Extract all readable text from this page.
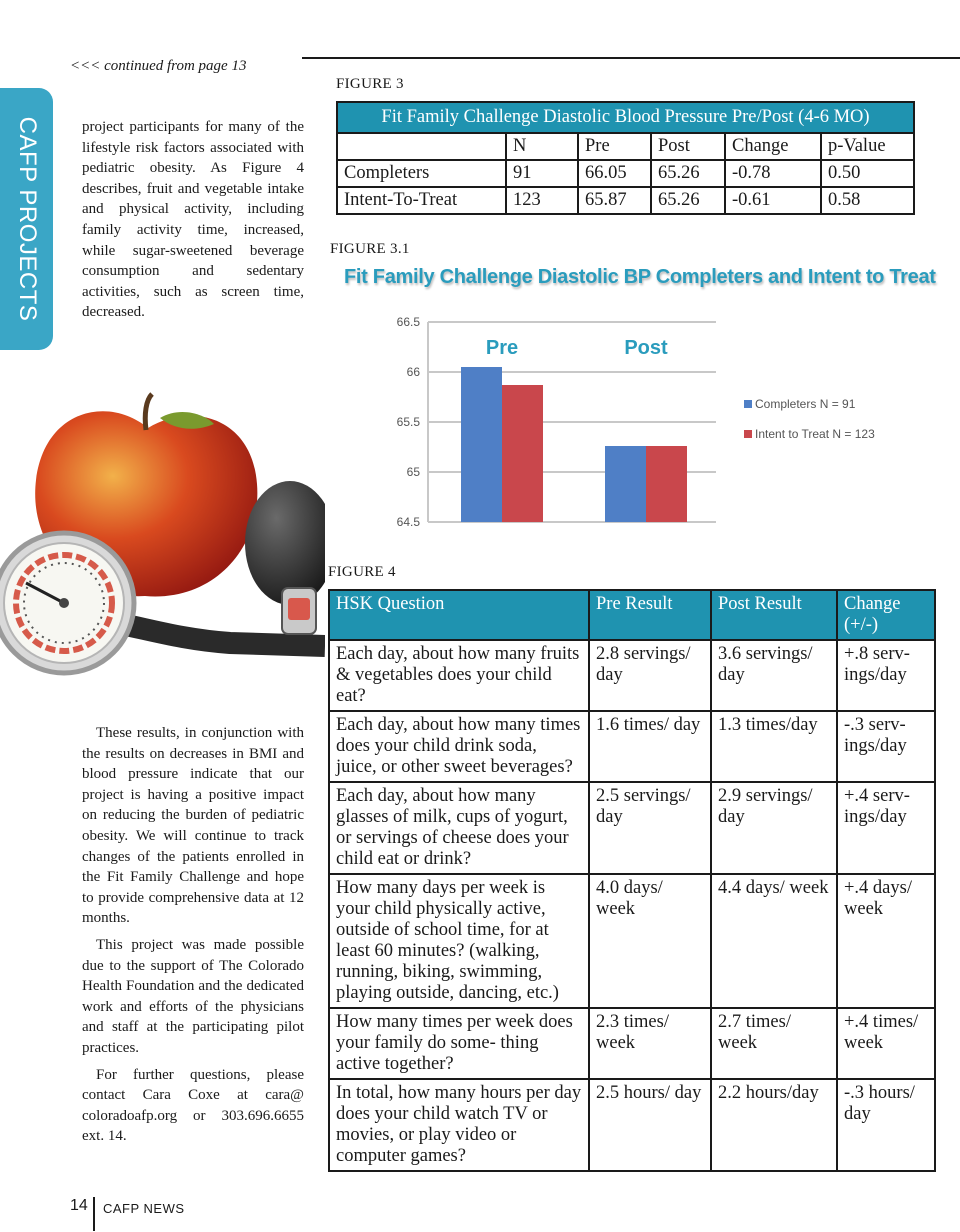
<<< continued from page 13
CAFP PROJECTS	project participants for many of the lifestyle risk factors associated with pediatric obesity. As Figure 4 describes, fruit and vegetable intake and physical activity, including family activity time, increased, while sugar-sweetened beverage consumption and sedentary activities, such as screen time, decreased.

These results, in conjunction with the results on decreases in BMI and blood pressure indicate that our project is having a positive impact on reducing the burden of pediatric obesity. We will continue to track changes of the patients enrolled in the Fit Family Challenge and hope to provide comprehensive data at 12 months.

This project was made possible due to the support of The Colorado Health Foundation and the dedicated work and efforts of the physicians and staff at the participating pilot practices.

For further questions, please contact Cara Coxe at cara@ coloradoafp.org or 303.696.6655 ext. 14.

FIGURE 3
Fit Family Challenge Diastolic Blood Pressure Pre/Post (4-6 MO)					
	N	Pre	Post	Change	p-Value
Completers	91	66.05	65.26	-0.78	0.50
Intent-To-Treat	123	65.87	65.26	-0.61	0.58
FIGURE 3.1
Fit Family Challenge Diastolic BP Completers and Intent to Treat
66.5
66
65.5
65
64.5
Pre	Post
Completers N = 91
Intent to Treat N = 123
FIGURE 4
HSK Question	Pre Result	Post Result	Change (+/-)
Each day, about how many fruits & vegetables does your child eat?	2.8 servings/ day	3.6 servings/ day	+.8 serv- ings/day
Each day, about how many times does your child drink soda, juice, or other sweet beverages?	1.6 times/ day	1.3 times/day	-.3 serv- ings/day
Each day, about how many glasses of milk, cups of yogurt, or servings of cheese does your child eat or drink?	2.5 servings/ day	2.9 servings/ day	+.4 serv- ings/day
How many days per week is your child physically active, outside of school time, for at least 60 minutes? (walking, running, biking, swimming, playing outside, dancing, etc.)	4.0 days/ week	4.4 days/ week	+.4 days/ week
How many times per week does your family do some- thing active together?	2.3 times/ week	2.7 times/ week	+.4 times/ week
In total, how many hours per day does your child watch TV or movies, or play video or computer games?	2.5 hours/ day	2.2 hours/day	-.3 hours/ day
14 CAFP NEWS
